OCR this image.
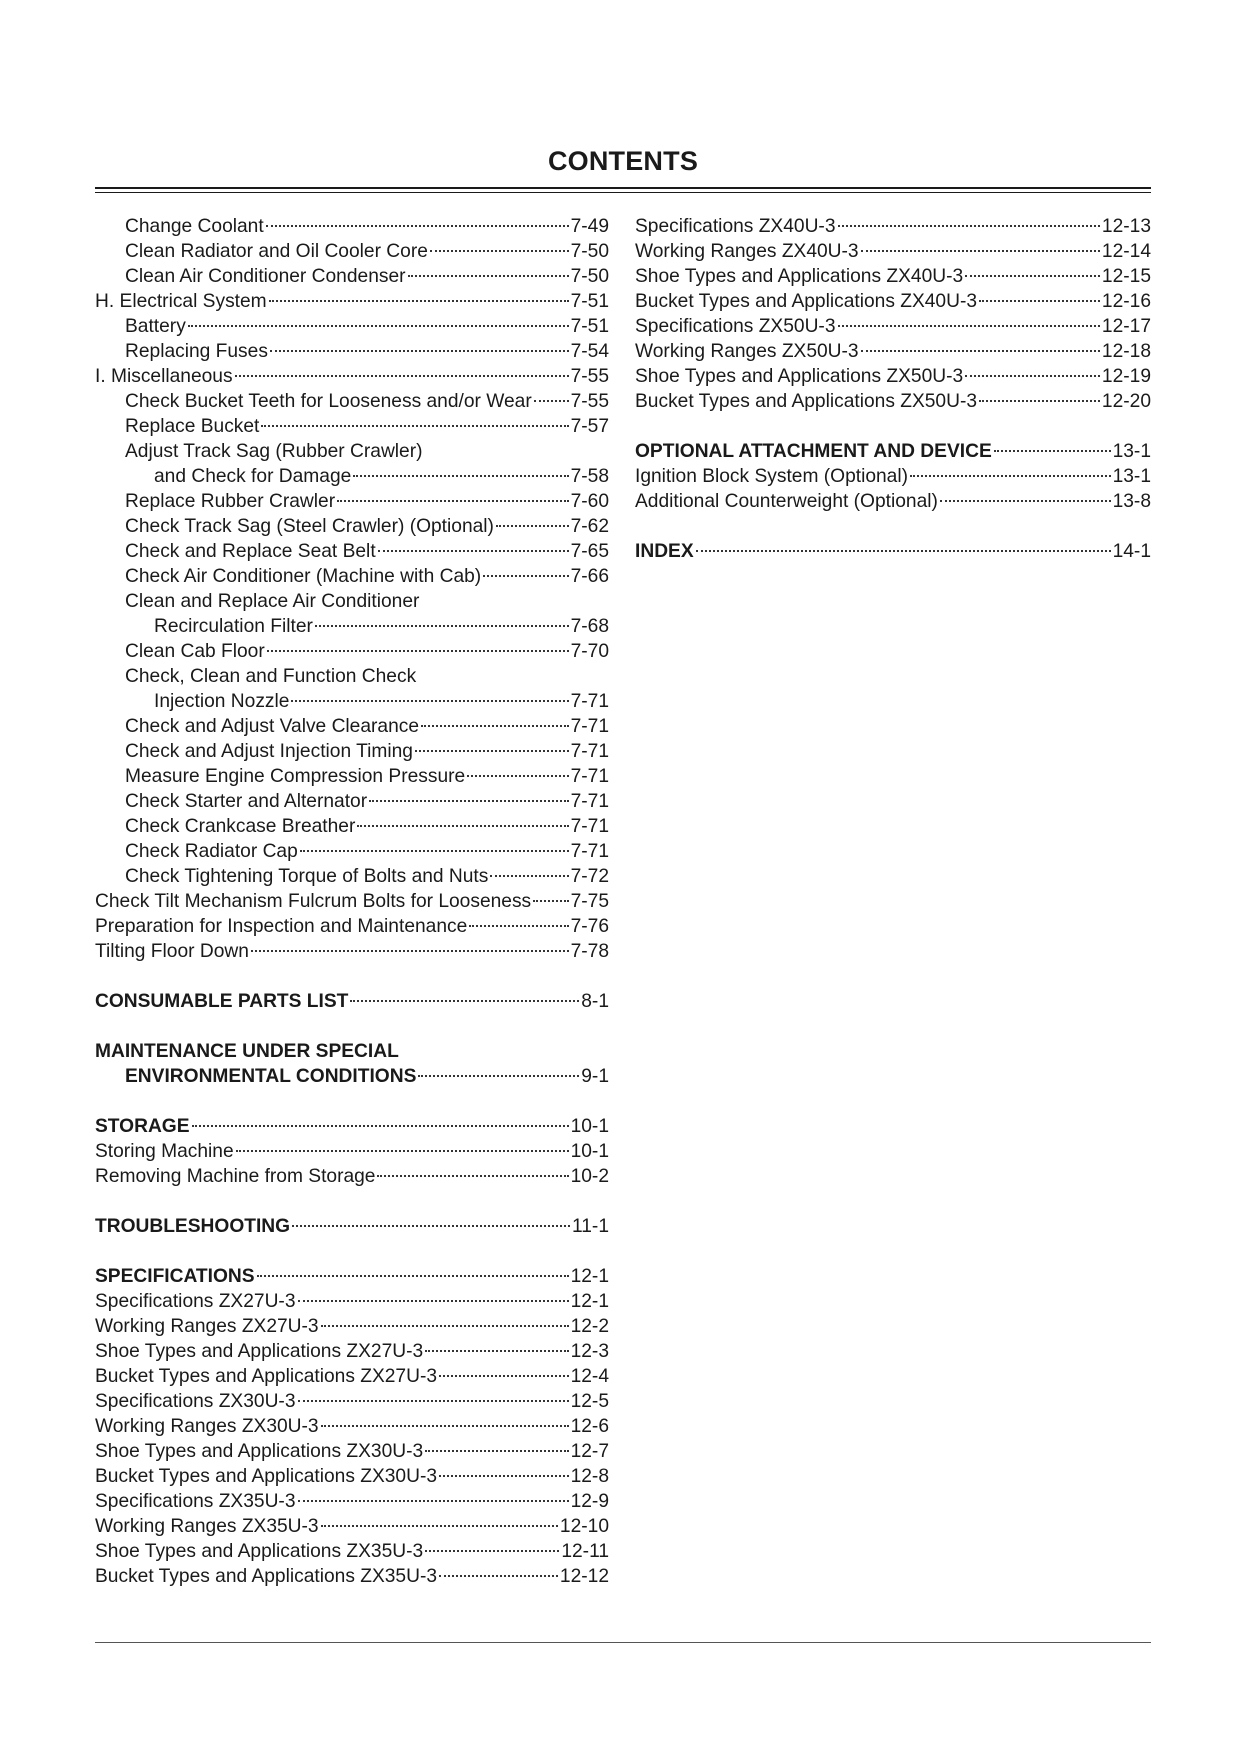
CONTENTS
Change Coolant	7-49
Clean Radiator and Oil Cooler Core	7-50
Clean Air Conditioner Condenser	7-50
H. Electrical System	7-51
Battery	7-51
Replacing Fuses	7-54
I. Miscellaneous	7-55
Check Bucket Teeth for Looseness and/or Wear 7-55
Replace Bucket	7-57
Adjust Track Sag (Rubber Crawler)
and Check for Damage	7-58
Replace Rubber Crawler	7-60
Check Track Sag (Steel Crawler) (Optional)	7-62
Check and Replace Seat Belt	7-65
Check Air Conditioner (Machine with Cab)	7-66
Clean and Replace Air Conditioner
Recirculation Filter	7-68
Clean Cab Floor	7-70
Check, Clean and Function Check
Injection Nozzle	7-71
Check and Adjust Valve Clearance	7-71
Check and Adjust Injection Timing	7-71
Measure Engine Compression Pressure	7-71
Check Starter and Alternator	7-71
Check Crankcase Breather	7-71
Check Radiator Cap	7-71
Check Tightening Torque of Bolts and Nuts	7-72
Check Tilt Mechanism Fulcrum Bolts for Looseness 7-75
Preparation for Inspection and Maintenance	7-76
Tilting Floor Down	7-78
CONSUMABLE PARTS LIST	8-1
MAINTENANCE UNDER SPECIAL
ENVIRONMENTAL CONDITIONS	9-1
STORAGE	10-1
Storing Machine	10-1
Removing Machine from Storage	10-2
TROUBLESHOOTING	11-1
SPECIFICATIONS	12-1
Specifications ZX27U-3	12-1
Working Ranges ZX27U-3	12-2
Shoe Types and Applications ZX27U-3	12-3
Bucket Types and Applications ZX27U-3	12-4
Specifications ZX30U-3	12-5
Working Ranges ZX30U-3	12-6
Shoe Types and Applications ZX30U-3	12-7
Bucket Types and Applications ZX30U-3	12-8
Specifications ZX35U-3	12-9
Working Ranges ZX35U-3	12-10
Shoe Types and Applications ZX35U-3	12-11
Bucket Types and Applications ZX35U-3	12-12
Specifications ZX40U-3	12-13
Working Ranges ZX40U-3	12-14
Shoe Types and Applications ZX40U-3	12-15
Bucket Types and Applications ZX40U-3	12-16
Specifications ZX50U-3	12-17
Working Ranges ZX50U-3	12-18
Shoe Types and Applications ZX50U-3	12-19
Bucket Types and Applications ZX50U-3	12-20
OPTIONAL ATTACHMENT AND DEVICE	13-1
Ignition Block System (Optional)	13-1
Additional Counterweight (Optional)	13-8
INDEX	14-1
